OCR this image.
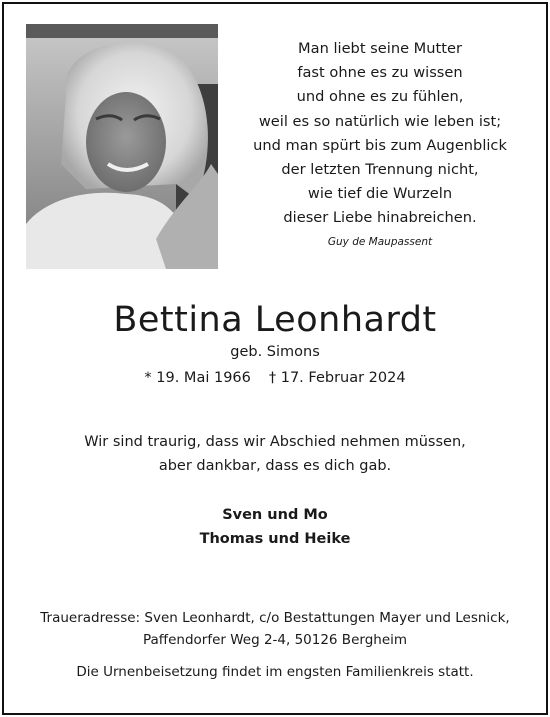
Man liebt seine Mutter
fast ohne es zu wissen
und ohne es zu fühlen,
weil es so natürlich wie leben ist;
und man spürt bis zum Augenblick
der letzten Trennung nicht,
wie tief die Wurzeln
dieser Liebe hinabreichen.
Guy de Maupassent
Bettina Leonhardt
geb. Simons
* 19. Mai 1966 † 17. Februar 2024
Wir sind traurig, dass wir Abschied nehmen müssen,
aber dankbar, dass es dich gab.
Sven und Mo
Thomas und Heike
Traueradresse: Sven Leonhardt, c/o Bestattungen Mayer und Lesnick,
Paffendorfer Weg 2-4, 50126 Bergheim
Die Urnenbeisetzung findet im engsten Familienkreis statt.
